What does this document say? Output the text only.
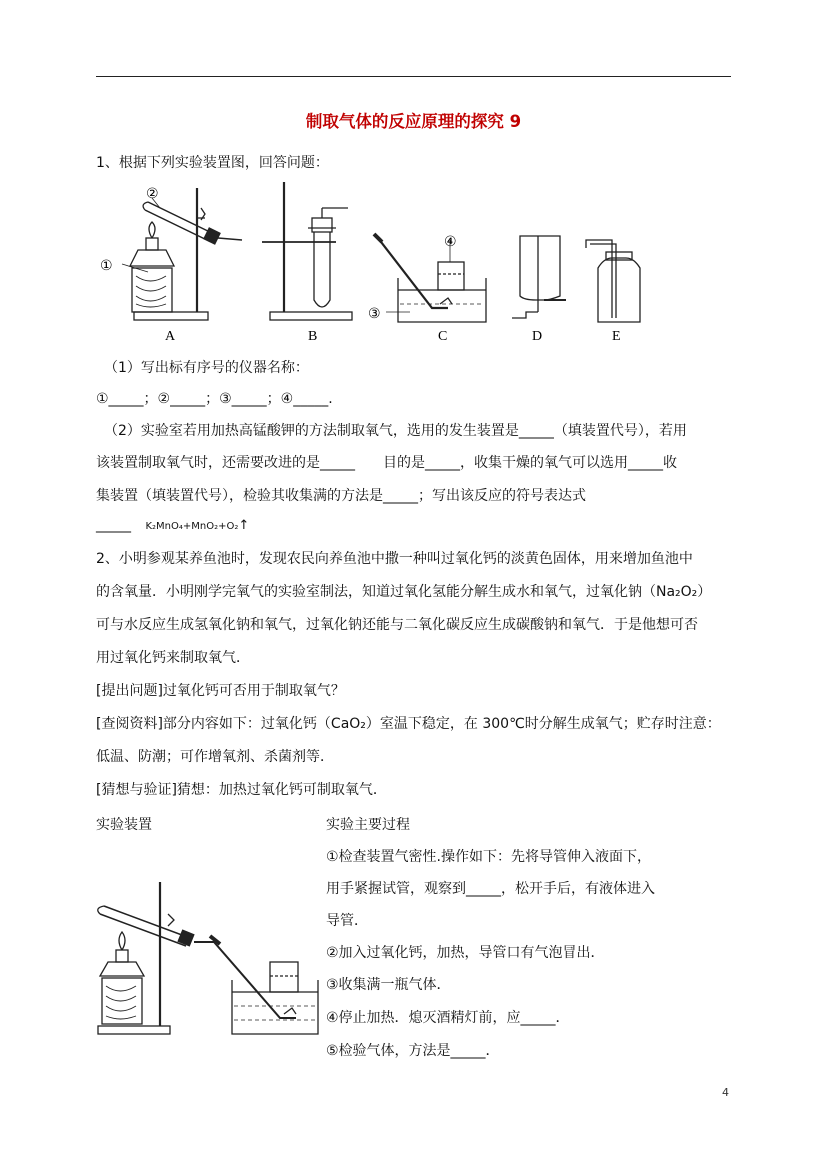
制取气体的反应原理的探究 9
1、根据下列实验装置图，回答问题：
②
①
④
③
A	B	C	D	E
（1）写出标有序号的仪器名称：
①_____；②_____；③_____；④_____.
（2）实验室若用加热高锰酸钾的方法制取氧气，选用的发生装置是_____（填装置代号），若用
该装置制取氧气时，还需要改进的是_____　　目的是_____，收集干燥的氧气可以选用_____收
集装置（填装置代号），检验其收集满的方法是_____；写出该反应的符号表达式
_____ K₂MnO₄+MnO₂+O₂↑
2、小明参观某养鱼池时，发现农民向养鱼池中撒一种叫过氧化钙的淡黄色固体，用来增加鱼池中
的含氧量．小明刚学完氧气的实验室制法，知道过氧化氢能分解生成水和氧气，过氧化钠（Na₂O₂）
可与水反应生成氢氧化钠和氧气，过氧化钠还能与二氧化碳反应生成碳酸钠和氧气．于是他想可否
用过氧化钙来制取氧气．
[提出问题]过氧化钙可否用于制取氧气？
[查阅资料]部分内容如下：过氧化钙（CaO₂）室温下稳定，在 300℃时分解生成氧气；贮存时注意：
低温、防潮；可作增氧剂、杀菌剂等．
[猜想与验证]猜想：加热过氧化钙可制取氧气．
实验装置	实验主要过程
①检查装置气密性.操作如下：先将导管伸入液面下，
用手紧握试管，观察到_____，松开手后，有液体进入
导管．
②加入过氧化钙，加热，导管口有气泡冒出．
③收集满一瓶气体．
④停止加热．熄灭酒精灯前，应_____．
⑤检验气体，方法是_____．
4
